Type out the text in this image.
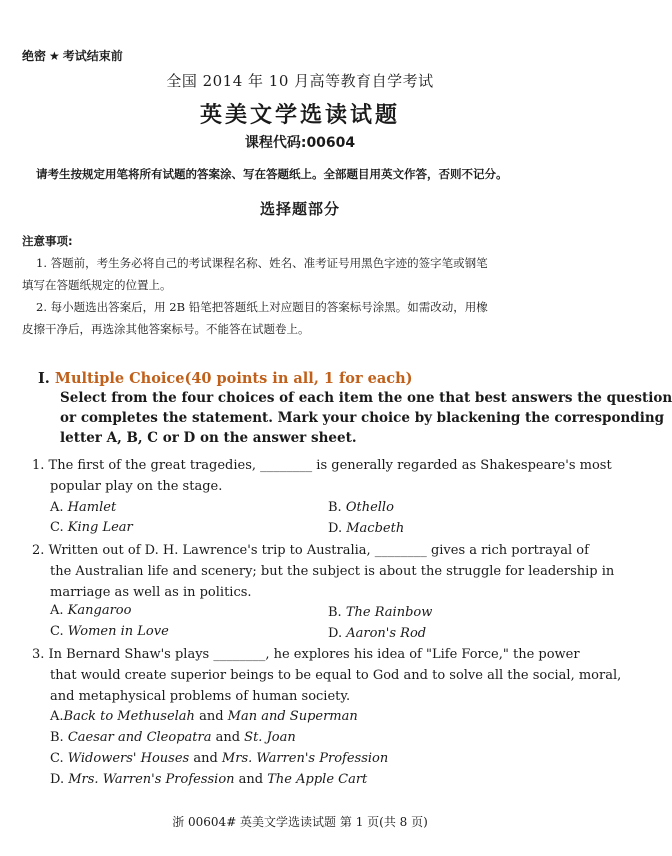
绝密 ★ 考试结束前
全国 2014 年 10 月高等教育自学考试
英美文学选读试题
课程代码:00604
请考生按规定用笔将所有试题的答案涂、写在答题纸上。全部题目用英文作答，否则不记分。
选择题部分
注意事项:
1. 答题前，考生务必将自己的考试课程名称、姓名、准考证号用黑色字迹的签字笔或钢笔
填写在答题纸规定的位置上。
2. 每小题选出答案后，用 2B 铅笔把答题纸上对应题目的答案标号涂黑。如需改动，用橡
皮擦干净后，再选涂其他答案标号。不能答在试题卷上。
Ⅰ. Multiple Choice(40 points in all, 1 for each)
Select from the four choices of each item the one that best answers the question
or completes the statement. Mark your choice by blackening the corresponding
letter A, B, C or D on the answer sheet.
1. The first of the great tragedies, ________ is generally regarded as Shakespeare's most
popular play on the stage.
A. Hamlet	B. Othello
C. King Lear	D. Macbeth
2. Written out of D. H. Lawrence's trip to Australia, ________ gives a rich portrayal of
the Australian life and scenery; but the subject is about the struggle for leadership in
marriage as well as in politics.
A. Kangaroo	B. The Rainbow
C. Women in Love	D. Aaron's Rod
3. In Bernard Shaw's plays ________, he explores his idea of "Life Force," the power
that would create superior beings to be equal to God and to solve all the social, moral,
and metaphysical problems of human society.
A.Back to Methuselah and Man and Superman
B. Caesar and Cleopatra and St. Joan
C. Widowers' Houses and Mrs. Warren's Profession
D. Mrs. Warren's Profession and The Apple Cart
浙 00604# 英美文学选读试题 第 1 页(共 8 页)
